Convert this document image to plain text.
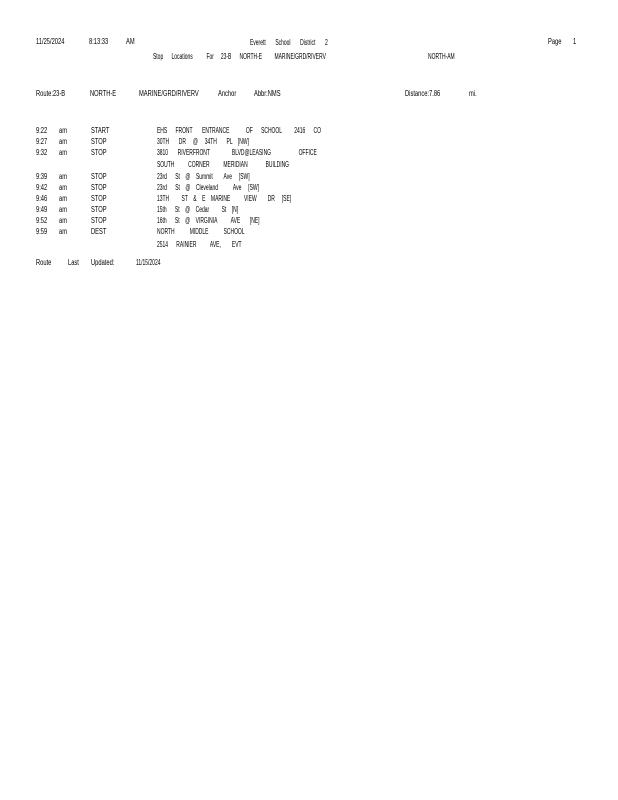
11/25/2024	8:13:33 AM	Everett       School       District       2	Page 1
Stop      Locations          For     23-B      NORTH-E         MARINE/GRD/RIVERV	NORTH-AM
Route:23-B	NORTH-E	MARINE/GRD/RIVERV Anchor Abbr:NMS	Distance:7.86	mi.
9:22 am	START	EHS      FRONT       ENTRANCE            OF      SCHOOL         2416      CO
9:27 am	STOP	30TH       DR     @     34TH       PL    [NW]
9:32 am	STOP	3810       RIVERFRONT                BLVD@LEASING                    OFFICE
SOUTH          CORNER          MERIDIAN             BUILDING
9:39 am	STOP	23rd      St    @    Summit        Ave     [SW]
9:42 am	STOP	23rd      St    @    Cleveland           Ave     [SW]
9:46 am	STOP	13TH         ST    &    E    MARINE          VIEW        DR     [SE]
9:49 am	STOP	15th      St    @    Cedar         St    [N]
9:52 am	STOP	16th      St    @    VIRGINIA          AVE       [NE]
9:59 am	DEST	NORTH           MIDDLE           SCHOOL
2514      RAINIER          AVE,        EVT
Route Last Updated:	11/15/2024
